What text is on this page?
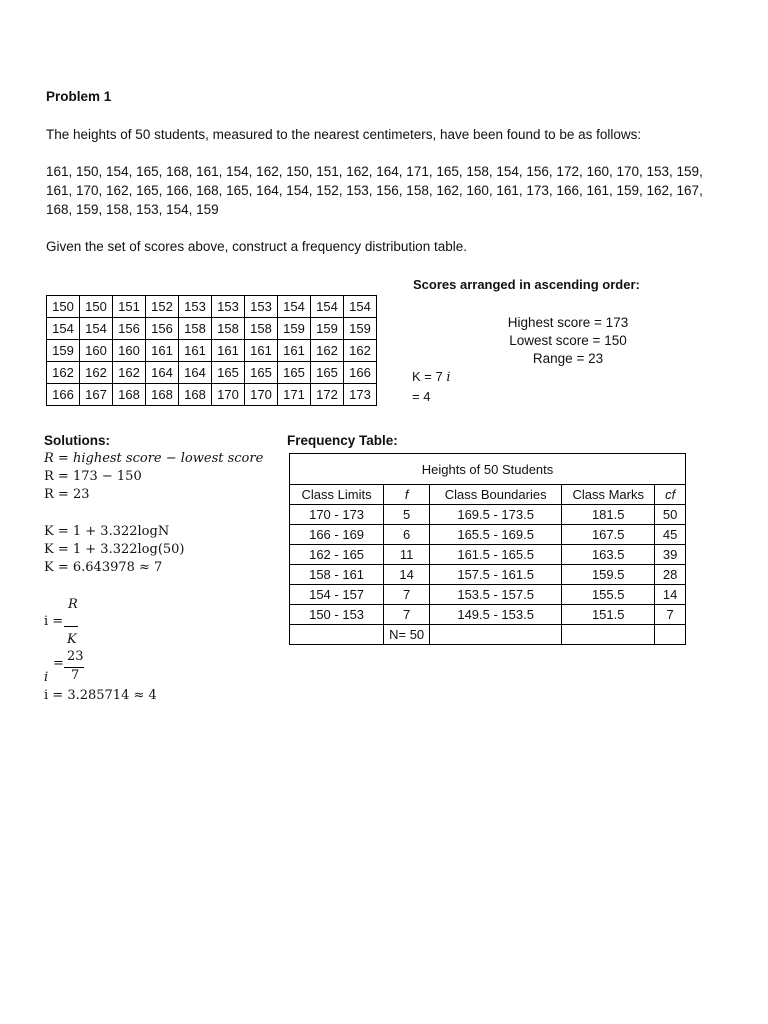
Problem 1
The heights of 50 students, measured to the nearest centimeters, have been found to be as follows:
161, 150, 154, 165, 168, 161, 154, 162, 150, 151, 162, 164, 171, 165, 158, 154, 156, 172, 160, 170, 153, 159,
161, 170, 162, 165, 166, 168, 165, 164, 154, 152, 153, 156, 158, 162, 160, 161, 173, 166, 161, 159, 162, 167,
168, 159, 158, 153, 154, 159
Given the set of scores above, construct a frequency distribution table.
Scores arranged in ascending order:
150	150	151	152	153	153	153	154	154	154
154	154	156	156	158	158	158	159	159	159
159	160	160	161	161	161	161	161	162	162
162	162	162	164	164	165	165	165	165	166
166	167	168	168	168	170	170	171	172	173
K = 7 i
= 4
Highest score = 173
Lowest score = 150
Range = 23
Solutions:
R = highest score − lowest score
R = 173 − 150
R = 23
K = 1 + 3.322logN
K = 1 + 3.322log(50)
K = 6.643978 ≈ 7
R
i =
K
23
=
7
i
i = 3.285714 ≈ 4
Frequency Table:
Heights of 50 Students				
Class Limits	f	Class Boundaries	Class Marks	cf
170 - 173	5	169.5 - 173.5	181.5	50
166 - 169	6	165.5 - 169.5	167.5	45
162 - 165	11	161.5 - 165.5	163.5	39
158 - 161	14	157.5 - 161.5	159.5	28
154 - 157	7	153.5 - 157.5	155.5	14
150 - 153	7	149.5 - 153.5	151.5	7
	N= 50			
